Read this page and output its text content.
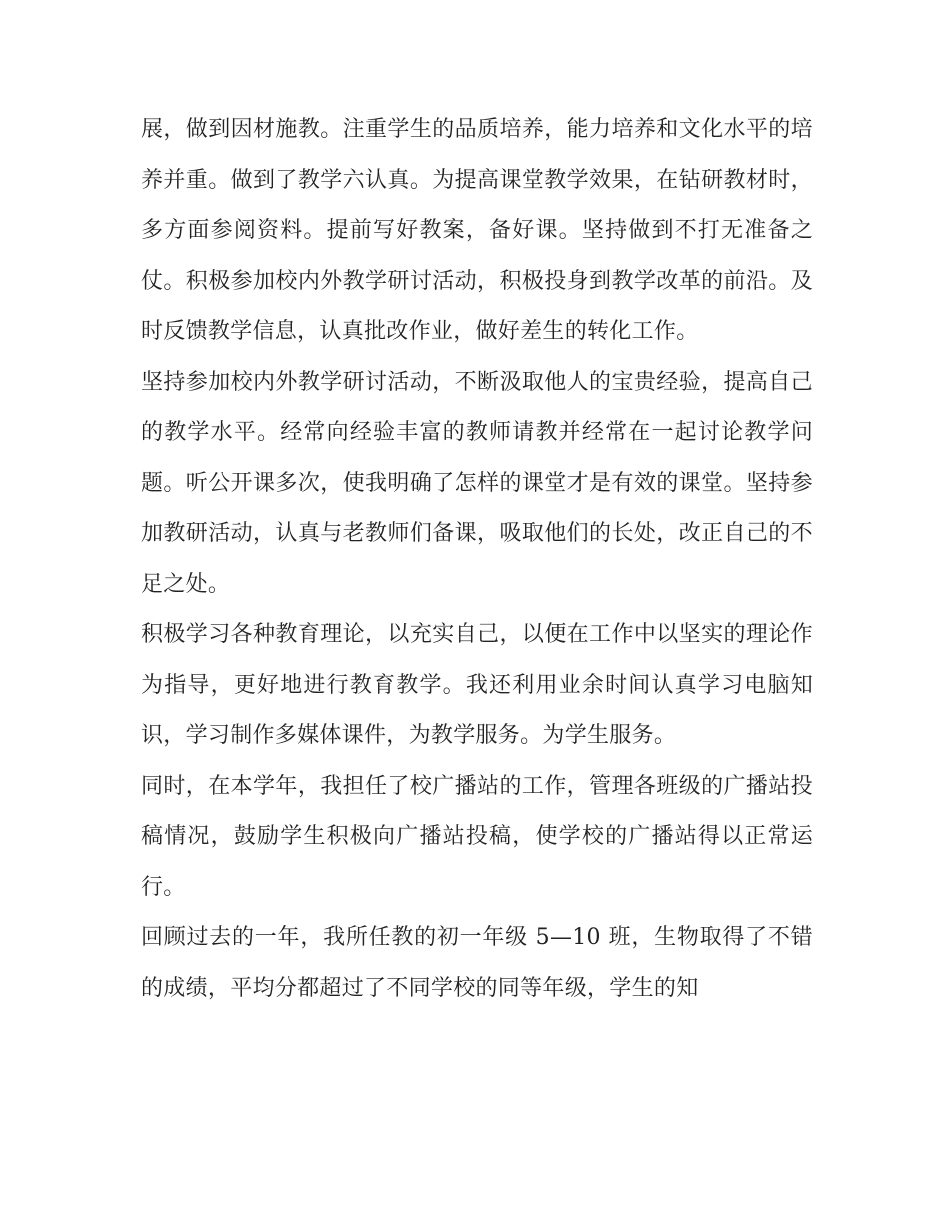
展，做到因材施教。注重学生的品质培养，能力培养和文化水平的培养并重。做到了教学六认真。为提高课堂教学效果，在钻研教材时，多方面参阅资料。提前写好教案，备好课。坚持做到不打无准备之仗。积极参加校内外教学研讨活动，积极投身到教学改革的前沿。及时反馈教学信息，认真批改作业，做好差生的转化工作。

坚持参加校内外教学研讨活动，不断汲取他人的宝贵经验，提高自己的教学水平。经常向经验丰富的教师请教并经常在一起讨论教学问题。听公开课多次，使我明确了怎样的课堂才是有效的课堂。坚持参加教研活动，认真与老教师们备课，吸取他们的长处，改正自己的不足之处。

积极学习各种教育理论，以充实自己，以便在工作中以坚实的理论作为指导，更好地进行教育教学。我还利用业余时间认真学习电脑知识，学习制作多媒体课件，为教学服务。为学生服务。

同时，在本学年，我担任了校广播站的工作，管理各班级的广播站投稿情况，鼓励学生积极向广播站投稿，使学校的广播站得以正常运行。

回顾过去的一年，我所任教的初一年级 5—10 班，生物取得了不错的成绩，平均分都超过了不同学校的同等年级，学生的知
